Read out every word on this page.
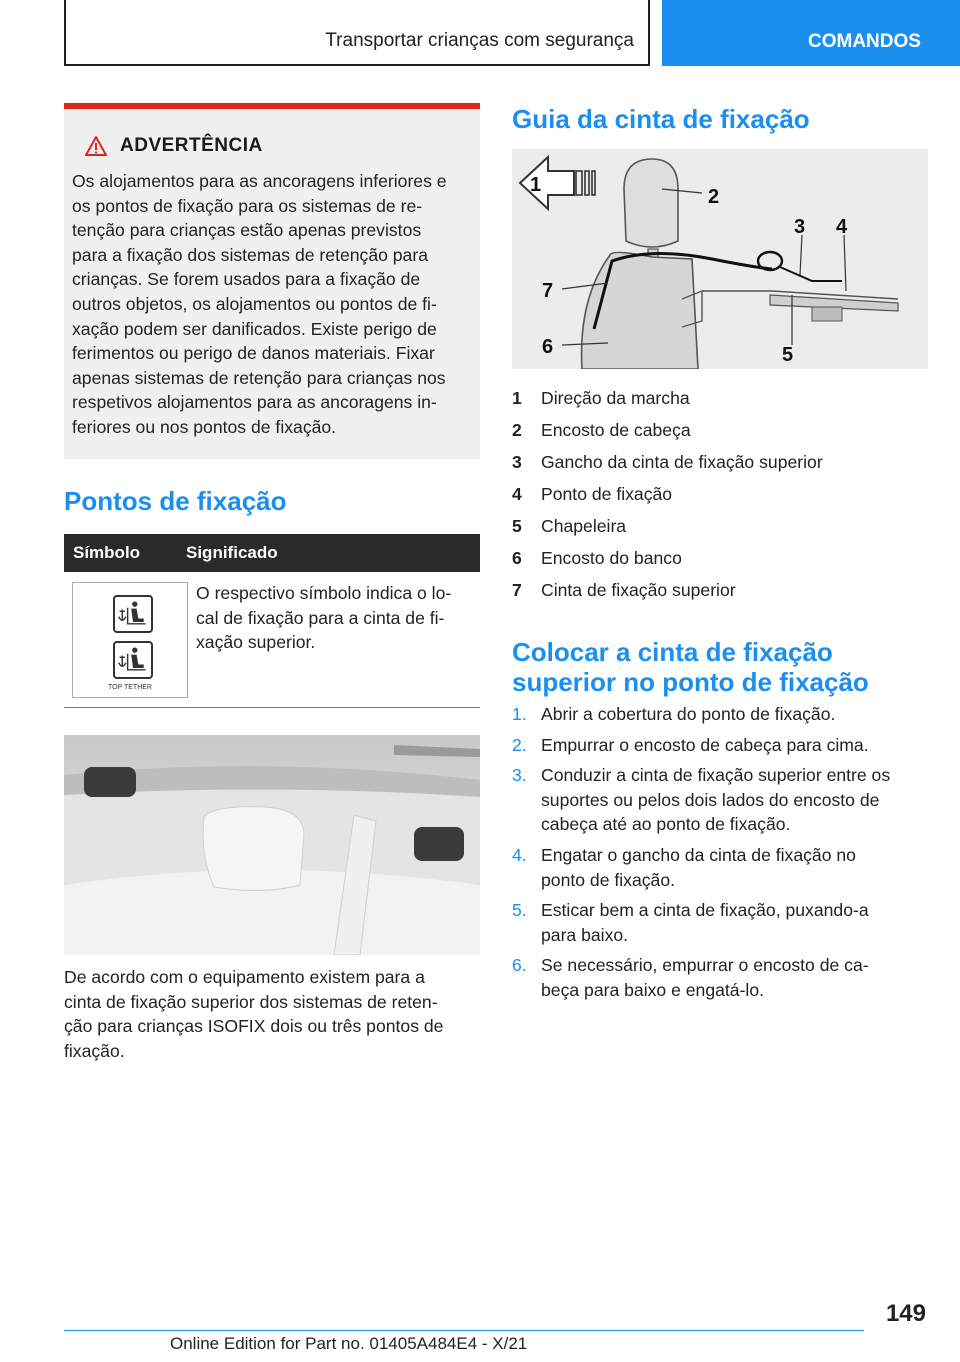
Transportar crianças com segurança	COMANDOS
ADVERTÊNCIA
Os alojamentos para as ancoragens inferiores e
os pontos de fixação para os sistemas de re-
tenção para crianças estão apenas previstos
para a fixação dos sistemas de retenção para
crianças. Se forem usados para a fixação de
outros objetos, os alojamentos ou pontos de fi-
xação podem ser danificados. Existe perigo de
ferimentos ou perigo de danos materiais. Fixar
apenas sistemas de retenção para crianças nos
respetivos alojamentos para as ancoragens in-
feriores ou nos pontos de fixação.
Pontos de fixação
Símbolo	Significado
TOP TETHER
O respectivo símbolo indica o lo-
cal de fixação para a cinta de fi-
xação superior.
De acordo com o equipamento existem para a
cinta de fixação superior dos sistemas de reten-
ção para crianças ISOFIX dois ou três pontos de
fixação.
Guia da cinta de fixação
1
2
3 4
5
6
7
1	Direção da marcha
2	Encosto de cabeça
3	Gancho da cinta de fixação superior
4	Ponto de fixação
5	Chapeleira
6	Encosto do banco
7	Cinta de fixação superior
Colocar a cinta de fixação
superior no ponto de fixação
1. Abrir a cobertura do ponto de fixação.
2. Empurrar o encosto de cabeça para cima.
3. Conduzir a cinta de fixação superior entre os
suportes ou pelos dois lados do encosto de
cabeça até ao ponto de fixação.
4. Engatar o gancho da cinta de fixação no
ponto de fixação.
5. Esticar bem a cinta de fixação, puxando-a
para baixo.
6. Se necessário, empurrar o encosto de ca-
beça para baixo e engatá-lo.
149
Online Edition for Part no. 01405A484E4 - X/21
